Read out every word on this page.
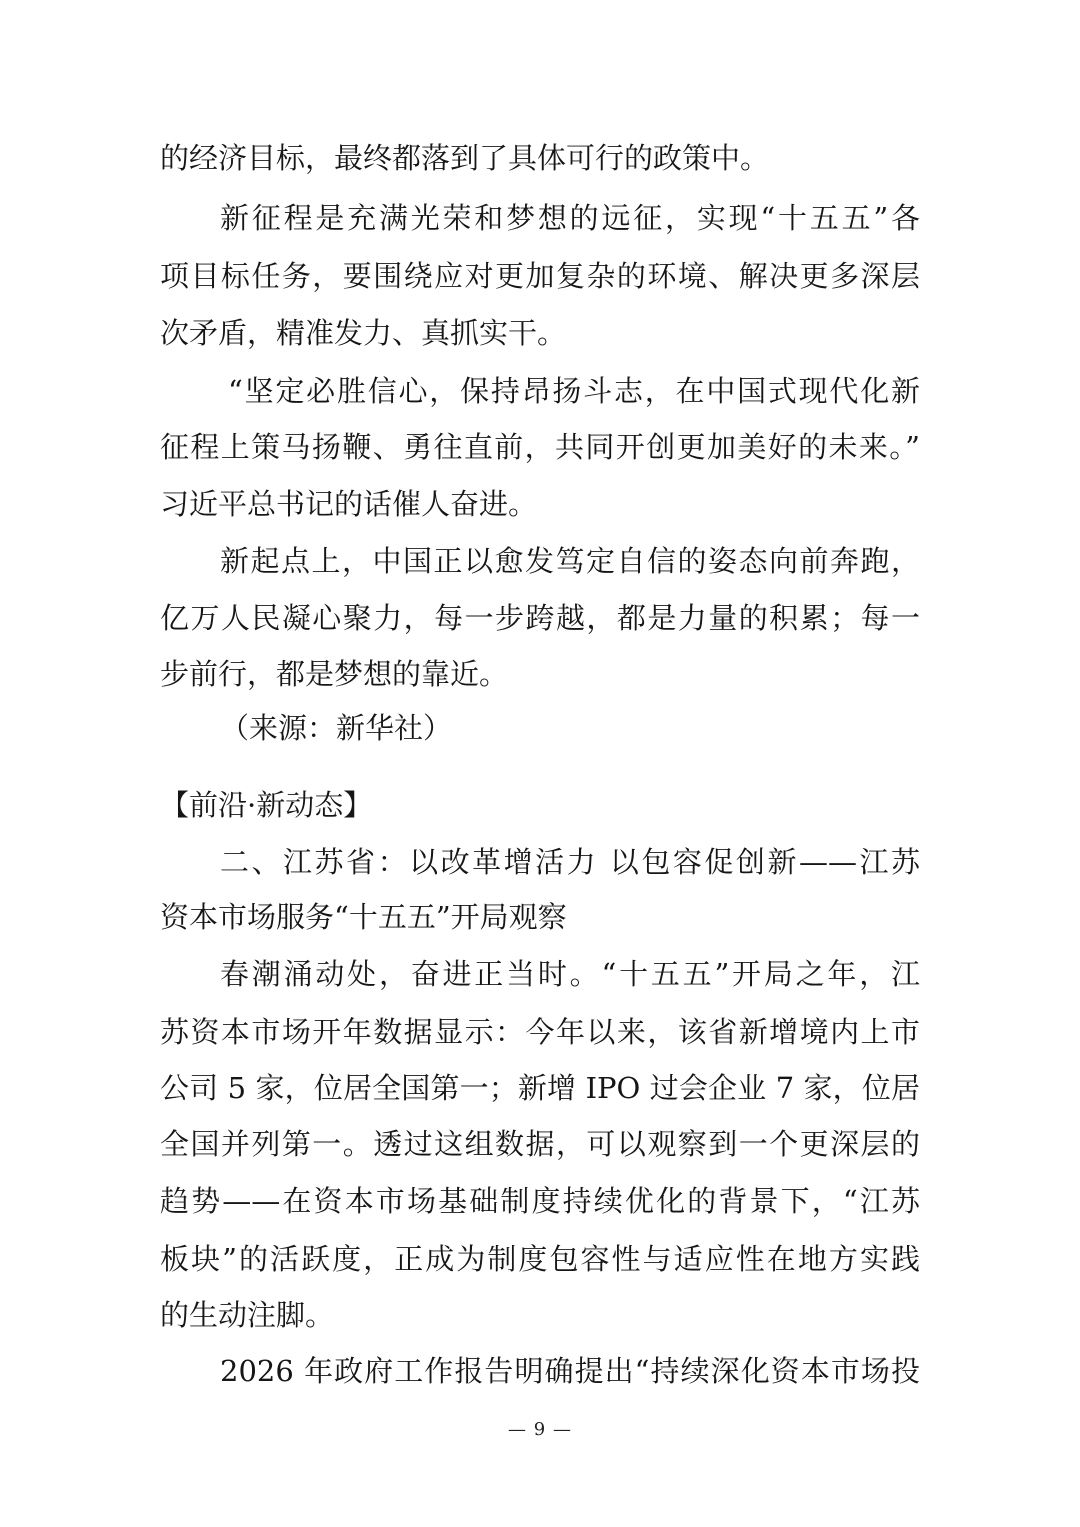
的经济目标，最终都落到了具体可行的政策中。
新征程是充满光荣和梦想的远征，实现“十五五”各
项目标任务，要围绕应对更加复杂的环境、解决更多深层
次矛盾，精准发力、真抓实干。
“坚定必胜信心，保持昂扬斗志，在中国式现代化新
征程上策马扬鞭、勇往直前，共同开创更加美好的未来。”
习近平总书记的话催人奋进。
新起点上，中国正以愈发笃定自信的姿态向前奔跑，
亿万人民凝心聚力，每一步跨越，都是力量的积累；每一
步前行，都是梦想的靠近。
（来源：新华社）
【前沿·新动态】
二、江苏省：以改革增活力 以包容促创新——江苏
资本市场服务“十五五”开局观察
春潮涌动处，奋进正当时。“十五五”开局之年，江
苏资本市场开年数据显示：今年以来，该省新增境内上市
公司 5 家，位居全国第一；新增 IPO 过会企业 7 家，位居
全国并列第一。透过这组数据，可以观察到一个更深层的
趋势——在资本市场基础制度持续优化的背景下，“江苏
板块”的活跃度，正成为制度包容性与适应性在地方实践
的生动注脚。
2026 年政府工作报告明确提出“持续深化资本市场投
— 9 —
